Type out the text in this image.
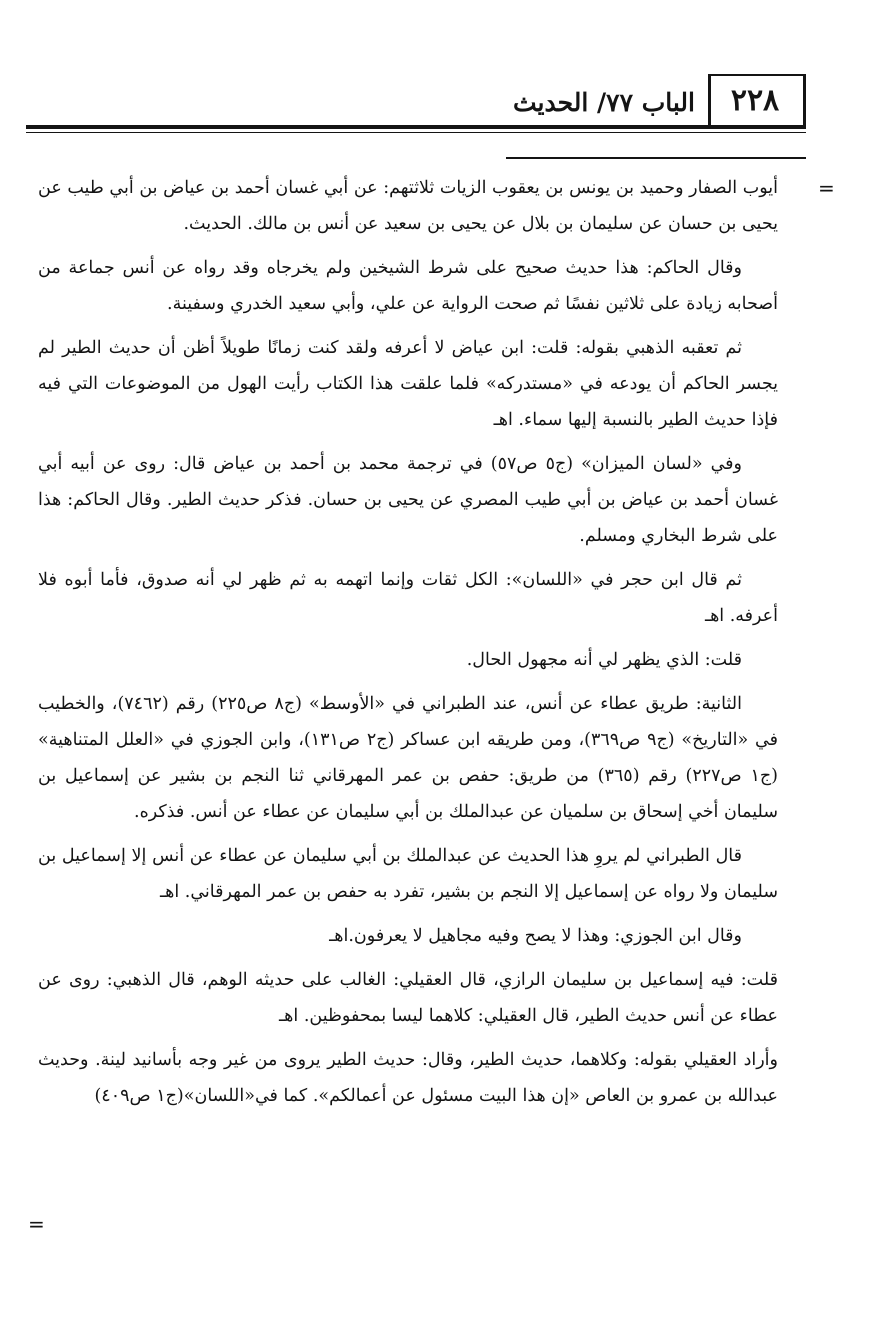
٢٢٨
الباب ٧٧/ الحديث
=
=

أيوب الصفار وحميد بن يونس بن يعقوب الزيات ثلاثتهم: عن أبي غسان أحمد بن عياض بن أبي طيب عن يحيى بن حسان عن سليمان بن بلال عن يحيى بن سعيد عن أنس بن مالك. الحديث.

وقال الحاكم: هذا حديث صحيح على شرط الشيخين ولم يخرجاه وقد رواه عن أنس جماعة من أصحابه زيادة على ثلاثين نفسًا ثم صحت الرواية عن علي، وأبي سعيد الخدري وسفينة.

ثم تعقبه الذهبي بقوله: قلت: ابن عياض لا أعرفه ولقد كنت زمانًا طويلاً أظن أن حديث الطير لم يجسر الحاكم أن يودعه في «مستدركه» فلما علقت هذا الكتاب رأيت الهول من الموضوعات التي فيه فإذا حديث الطير بالنسبة إليها سماء. اهـ

وفي «لسان الميزان» (ج٥ ص٥٧) في ترجمة محمد بن أحمد بن عياض قال: روى عن أبيه أبي غسان أحمد بن عياض بن أبي طيب المصري عن يحيى بن حسان. فذكر حديث الطير. وقال الحاكم: هذا على شرط البخاري ومسلم.

ثم قال ابن حجر في «اللسان»: الكل ثقات وإنما اتهمه به ثم ظهر لي أنه صدوق، فأما أبوه فلا أعرفه. اهـ

قلت: الذي يظهر لي أنه مجهول الحال.

الثانية: طريق عطاء عن أنس، عند الطبراني في «الأوسط» (ج٨ ص٢٢٥) رقم (٧٤٦٢)، والخطيب في «التاريخ» (ج٩ ص٣٦٩)، ومن طريقه ابن عساكر (ج٢ ص١٣١)، وابن الجوزي في «العلل المتناهية» (ج١ ص٢٢٧) رقم (٣٦٥) من طريق: حفص بن عمر المهرقاني ثنا النجم بن بشير عن إسماعيل بن سليمان أخي إسحاق بن سلميان عن عبدالملك بن أبي سليمان عن عطاء عن أنس. فذكره.

قال الطبراني لم يروِ هذا الحديث عن عبدالملك بن أبي سليمان عن عطاء عن أنس إلا إسماعيل بن سليمان ولا رواه عن إسماعيل إلا النجم بن بشير، تفرد به حفص بن عمر المهرقاني. اهـ

وقال ابن الجوزي: وهذا لا يصح وفيه مجاهيل لا يعرفون.اهـ

قلت: فيه إسماعيل بن سليمان الرازي، قال العقيلي: الغالب على حديثه الوهم، قال الذهبي: روى عن عطاء عن أنس حديث الطير، قال العقيلي: كلاهما ليسا بمحفوظين. اهـ

وأراد العقيلي بقوله: وكلاهما، حديث الطير، وقال: حديث الطير يروى من غير وجه بأسانيد لينة. وحديث عبدالله بن عمرو بن العاص «إن هذا البيت مسئول عن أعمالكم». كما في«اللسان»(ج١ ص٤٠٩)
